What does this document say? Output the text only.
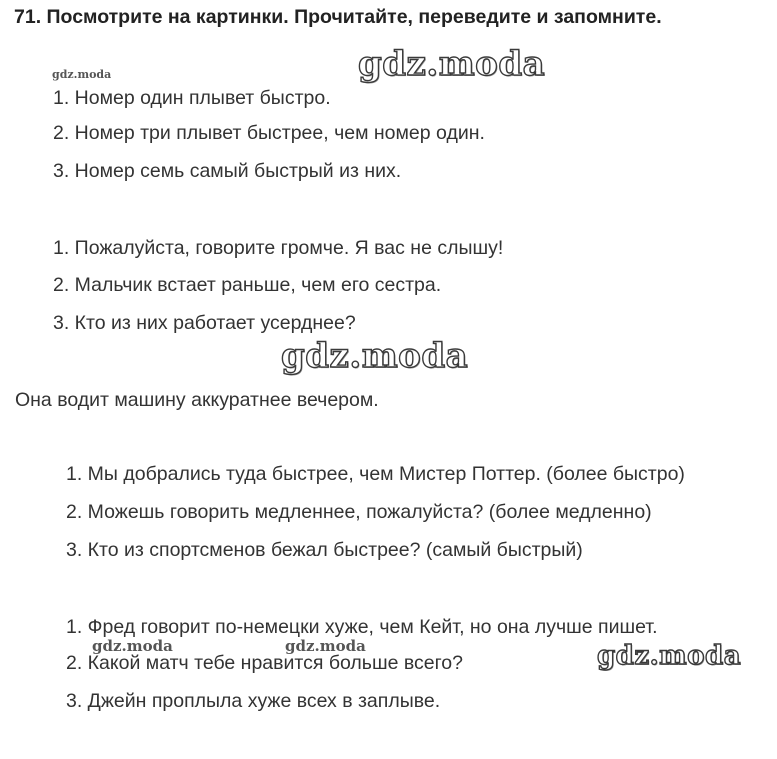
71. Посмотрите на картинки. Прочитайте, переведите и запомните.
gdz.moda
gdz.moda

1. Номер один плывет быстро.

2. Номер три плывет быстрее, чем номер один.

3. Номер семь самый быстрый из них.

1. Пожалуйста, говорите громче. Я вас не слышу!

2. Мальчик встает раньше, чем его сестра.

3. Кто из них работает усерднее?

gdz.moda

Она водит машину аккуратнее вечером.

1. Мы добрались туда быстрее, чем Мистер Поттер. (более быстро)

2. Можешь говорить медленнее, пожалуйста? (более медленно)

3. Кто из спортсменов бежал быстрее? (самый быстрый)

1. Фред говорит по-немецки хуже, чем Кейт, но она лучше пишет.

gdz.moda	gdz.moda

2. Какой матч тебе нравится больше всего?	gdz.moda

3. Джейн проплыла хуже всех в заплыве.
